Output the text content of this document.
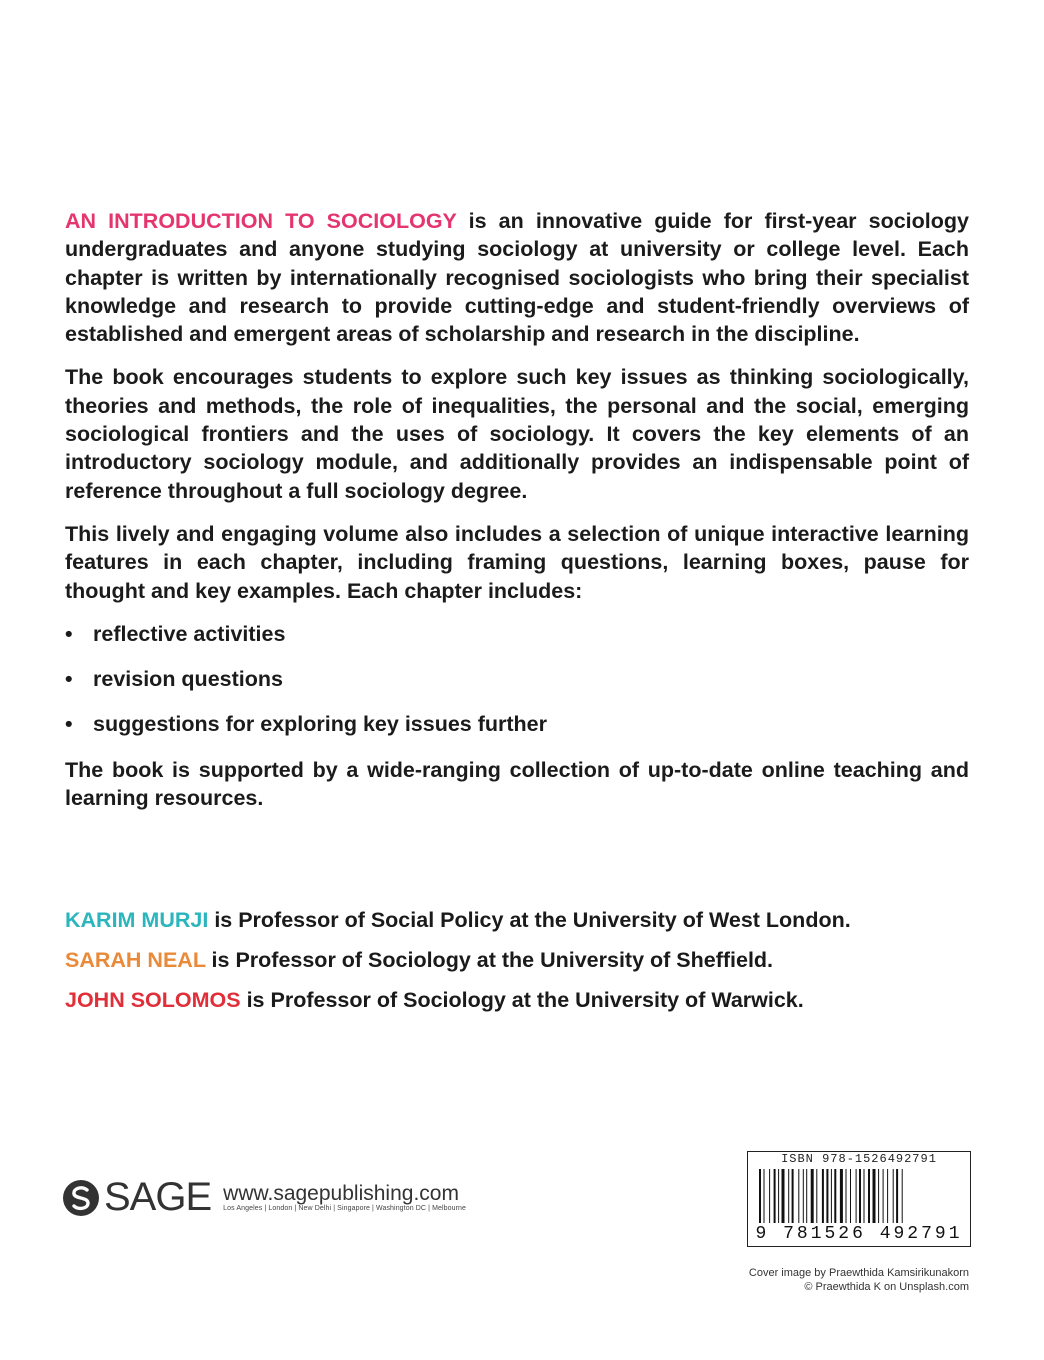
AN INTRODUCTION TO SOCIOLOGY is an innovative guide for first-year sociology undergraduates and anyone studying sociology at university or college level. Each chapter is written by internationally recognised sociologists who bring their specialist knowledge and research to provide cutting-edge and student-friendly overviews of established and emergent areas of scholarship and research in the discipline.

The book encourages students to explore such key issues as thinking sociologically, theories and methods, the role of inequalities, the personal and the social, emerging sociological frontiers and the uses of sociology. It covers the key elements of an introductory sociology module, and additionally provides an indispensable point of reference throughout a full sociology degree.

This lively and engaging volume also includes a selection of unique interactive learning features in each chapter, including framing questions, learning boxes, pause for thought and key examples. Each chapter includes:

• reflective activities
• revision questions
• suggestions for exploring key issues further

The book is supported by a wide-ranging collection of up-to-date online teaching and learning resources.

KARIM MURJI is Professor of Social Policy at the University of West London.
SARAH NEAL is Professor of Sociology at the University of Sheffield.
JOHN SOLOMOS is Professor of Sociology at the University of Warwick.
SAGE www.sagepublishing.com
Los Angeles | London | New Delhi | Singapore | Washington DC | Melbourne
ISBN 978-1526492791
9 781526 492791
Cover image by Praewthida Kamsirikunakorn
© Praewthida K on Unsplash.com
